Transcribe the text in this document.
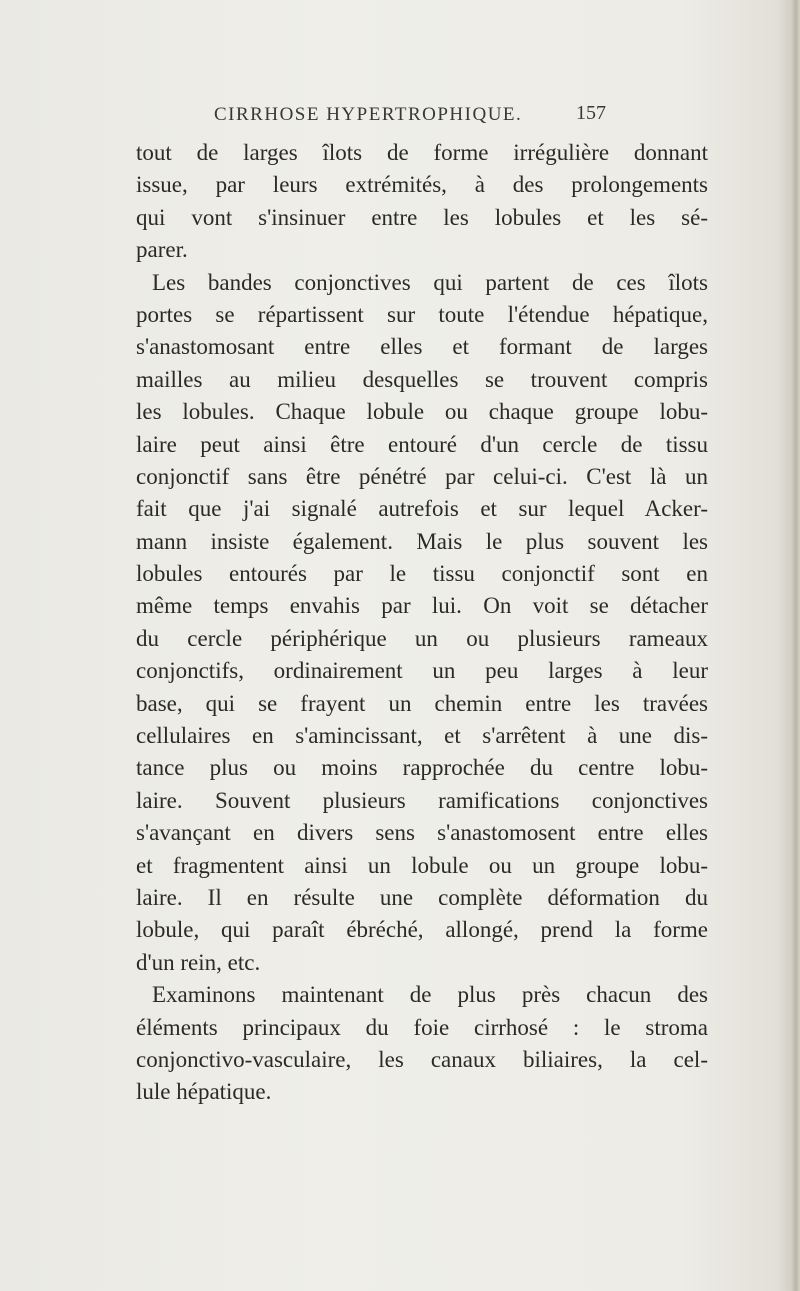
CIRRHOSE HYPERTROPHIQUE.	157
tout de larges îlots de forme irrégulière donnant
issue, par leurs extrémités, à des prolongements
qui vont s'insinuer entre les lobules et les sé-
parer.
Les bandes conjonctives qui partent de ces îlots
portes se répartissent sur toute l'étendue hépatique,
s'anastomosant entre elles et formant de larges
mailles au milieu desquelles se trouvent compris
les lobules. Chaque lobule ou chaque groupe lobu-
laire peut ainsi être entouré d'un cercle de tissu
conjonctif sans être pénétré par celui-ci. C'est là un
fait que j'ai signalé autrefois et sur lequel Acker-
mann insiste également. Mais le plus souvent les
lobules entourés par le tissu conjonctif sont en
même temps envahis par lui. On voit se détacher
du cercle périphérique un ou plusieurs rameaux
conjonctifs, ordinairement un peu larges à leur
base, qui se frayent un chemin entre les travées
cellulaires en s'amincissant, et s'arrêtent à une dis-
tance plus ou moins rapprochée du centre lobu-
laire. Souvent plusieurs ramifications conjonctives
s'avançant en divers sens s'anastomosent entre elles
et fragmentent ainsi un lobule ou un groupe lobu-
laire. Il en résulte une complète déformation du
lobule, qui paraît ébréché, allongé, prend la forme
d'un rein, etc.
Examinons maintenant de plus près chacun des
éléments principaux du foie cirrhosé : le stroma
conjonctivo-vasculaire, les canaux biliaires, la cel-
lule hépatique.
